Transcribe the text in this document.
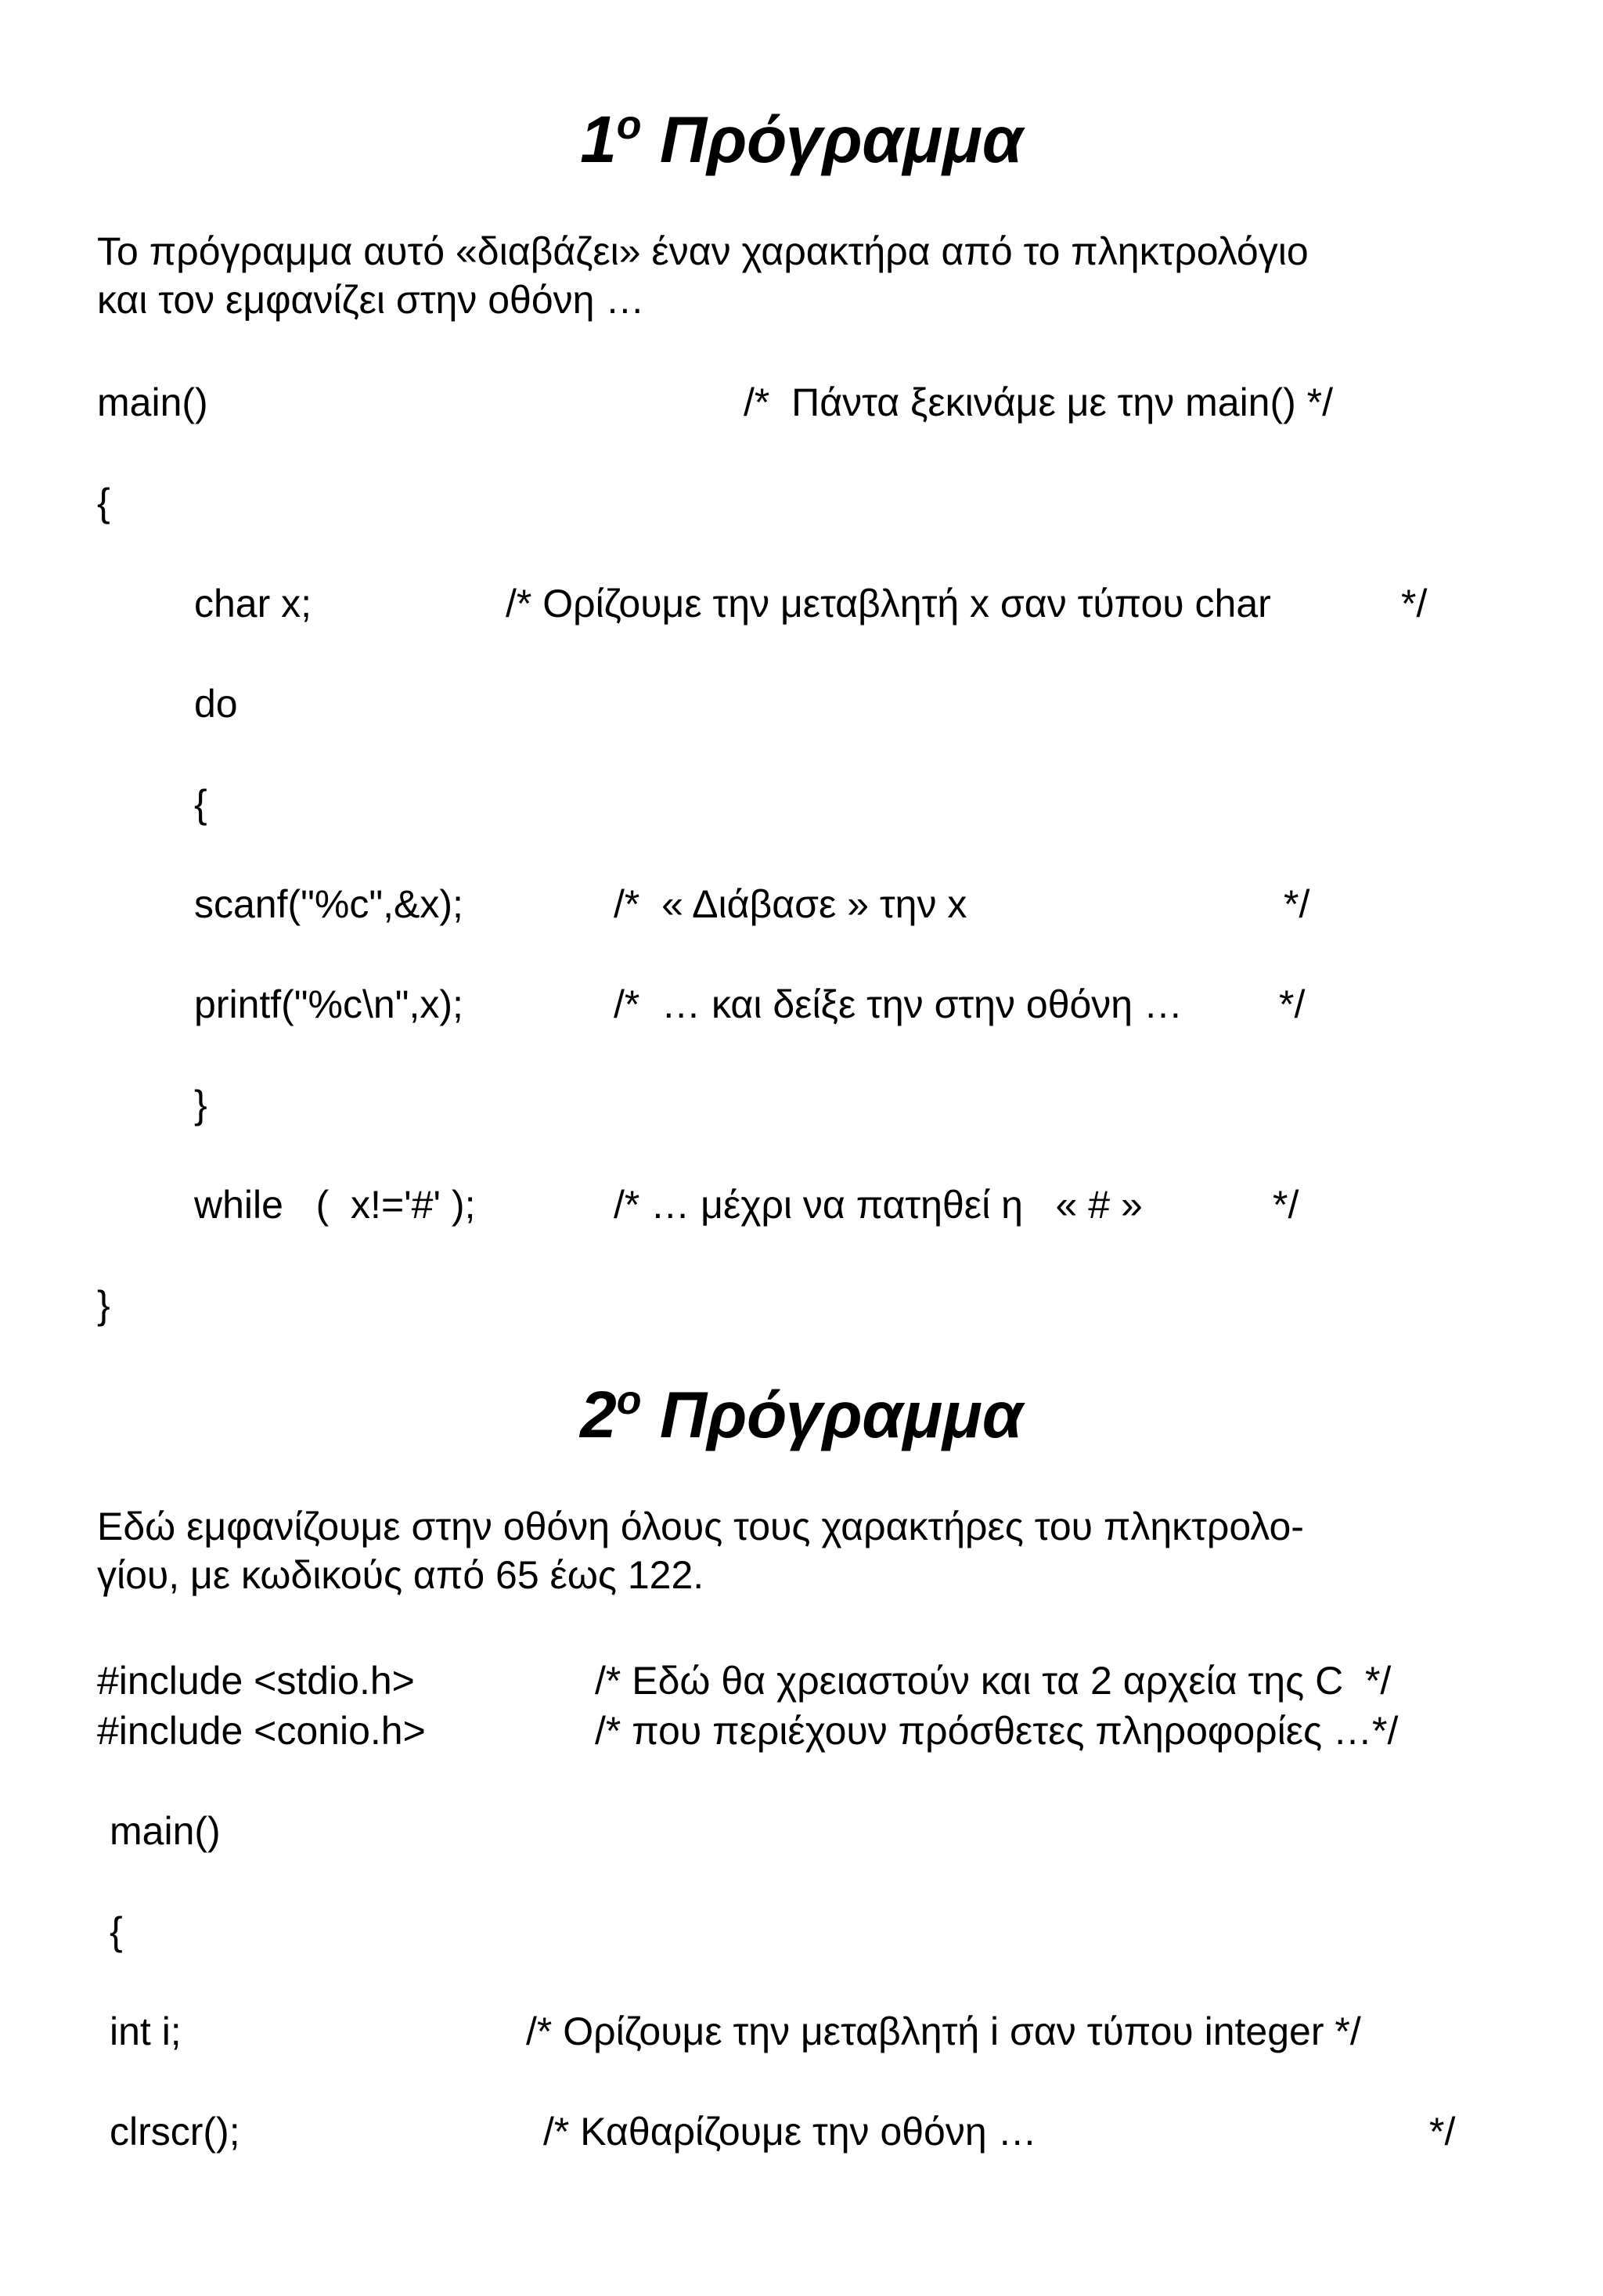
$1^o$ Πρόγραμμα

Το πρόγραμμα αυτό «διαβάζει» έναν χαρακτήρα από το πληκτρολόγιο
και τον εμφανίζει στην οθόνη …

main()

	/*  Πάντα ξεκινάμε με την main() */

{

char x;

	/* Ορίζουμε την μεταβλητή x σαν τύπου char

	*/

do

{

scanf("%c",&x);

	/*  « Διάβασε » την x

	*/

printf("%c\n",x);

	/*  … και δείξε την στην οθόνη …

*/

}

while   (  x!='#' );

	/* … μέχρι να πατηθεί η   « # »

	*/

}

$2^o$ Πρόγραμμα

Εδώ εμφανίζουμε στην οθόνη όλους τους χαρακτήρες του πληκτρολο-
γίου, με κωδικούς από 65 έως 122.

#include <stdio.h>

	/* Εδώ θα χρειαστούν και τα 2 αρχεία της C  */

#include <conio.h>

	/* που περιέχουν πρόσθετες πληροφορίες …*/

main()

{

int i;

	/* Ορίζουμε την μεταβλητή i σαν τύπου integer */

clrscr();

	/* Καθαρίζουμε την οθόνη …

	*/
